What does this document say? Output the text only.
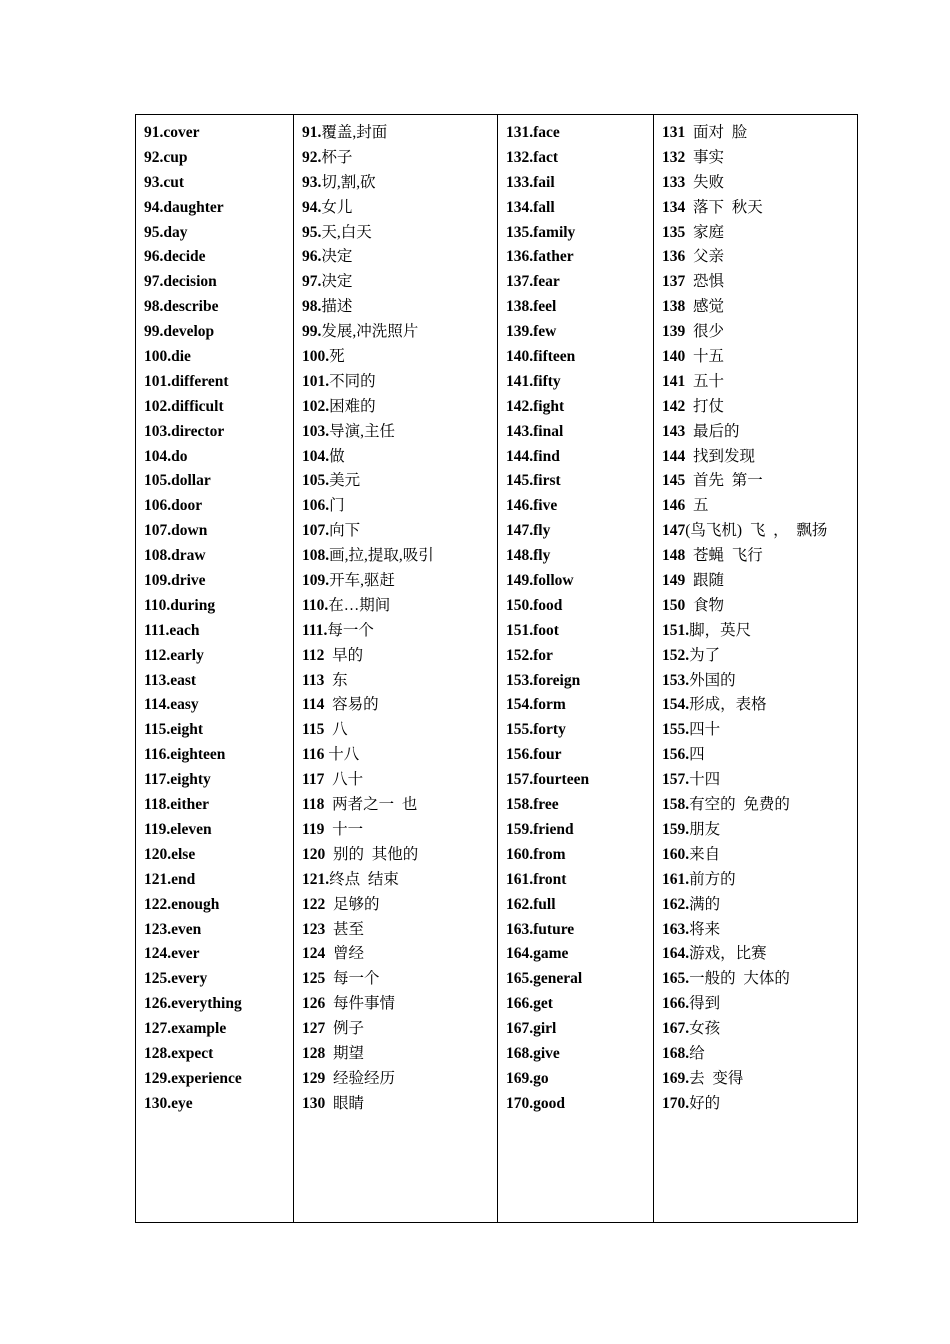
91.cover
92.cup
93.cut
94.daughter
95.day
96.decide
97.decision
98.describe
99.develop
100.die
101.different
102.difficult
103.director
104.do
105.dollar
106.door
107.down
108.draw
109.drive
110.during
111.each
112.early
113.east
114.easy
115.eight
116.eighteen
117.eighty
118.either
119.eleven
120.else
121.end
122.enough
123.even
124.ever
125.every
126.everything
127.example
128.expect
129.experience
130.eye

91.覆盖,封面
92.杯子
93.切,割,砍
94.女儿
95.天,白天
96.决定
97.决定
98.描述
99.发展,冲洗照片
100.死
101.不同的
102.困难的
103.导演,主任
104.做
105.美元
106.门
107.向下
108.画,拉,提取,吸引
109.开车,驱赶
110.在…期间
111.每一个
112  早的
113  东
114  容易的
115  八
116 十八
117  八十
118  两者之一  也
119  十一
120  别的  其他的
121.终点  结束
122  足够的
123  甚至
124  曾经
125  每一个
126  每件事情
127  例子
128  期望
129  经验经历
130  眼睛

131.face
132.fact
133.fail
134.fall
135.family
136.father
137.fear
138.feel
139.few
140.fifteen
141.fifty
142.fight
143.final
144.find
145.first
146.five
147.fly
148.fly
149.follow
150.food
151.foot
152.for
153.foreign
154.form
155.forty
156.four
157.fourteen
158.free
159.friend
160.from
161.front
162.full
163.future
164.game
165.general
166.get
167.girl
168.give
169.go
170.good

131  面对  脸
132  事实
133  失败
134  落下  秋天
135  家庭
136  父亲
137  恐惧
138  感觉
139  很少
140  十五
141  五十
142  打仗
143  最后的
144  找到发现
145  首先  第一
146  五
147(鸟飞机)  飞  ，  飘扬
148  苍蝇  飞行
149  跟随
150  食物
151.脚，英尺
152.为了
153.外国的
154.形成，表格
155.四十
156.四
157.十四
158.有空的  免费的
159.朋友
160.来自
161.前方的
162.满的
163.将来
164.游戏，比赛
165.一般的  大体的
166.得到
167.女孩
168.给
169.去  变得
170.好的
